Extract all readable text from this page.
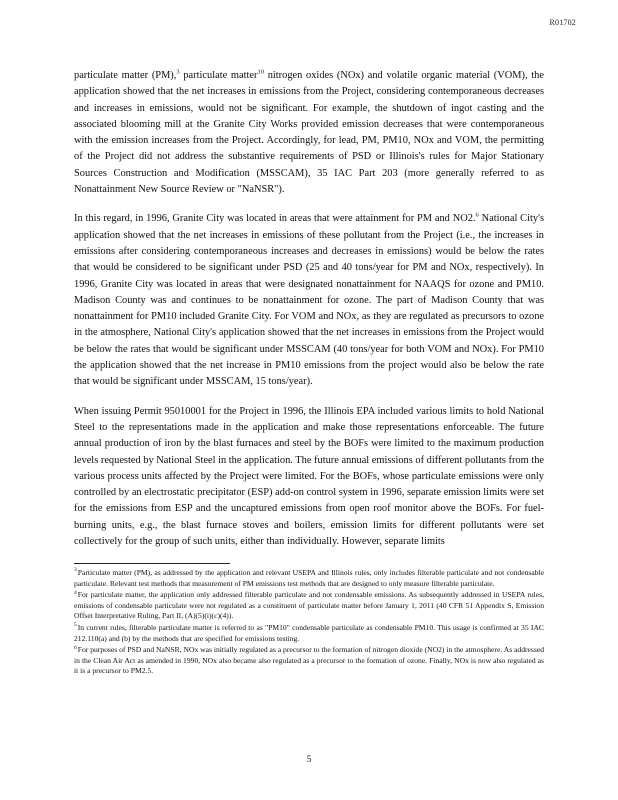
R01702

particulate matter (PM),$^3$ particulate matter$^{10}$ nitrogen oxides (NOx) and volatile organic material (VOM), the application showed that the net increases in emissions from the Project, considering contemporaneous decreases and increases in emissions, would not be significant. For example, the shutdown of ingot casting and the associated blooming mill at the Granite City Works provided emission decreases that were contemporaneous with the emission increases from the Project. Accordingly, for lead, PM, PM10, NOx and VOM, the permitting of the Project did not address the substantive requirements of PSD or Illinois's rules for Major Stationary Sources Construction and Modification (MSSCAM), 35 IAC Part 203 (more generally referred to as Nonattainment New Source Review or "NaNSR").

In this regard, in 1996, Granite City was located in areas that were attainment for PM and NO2.$^6$ National City's application showed that the net increases in emissions of these pollutant from the Project (i.e., the increases in emissions after considering contemporaneous increases and decreases in emissions) would be below the rates that would be considered to be significant under PSD (25 and 40 tons/year for PM and NOx, respectively). In 1996, Granite City was located in areas that were designated nonattainment for NAAQS for ozone and PM10. Madison County was and continues to be nonattainment for ozone. The part of Madison County that was nonattainment for PM10 included Granite City. For VOM and NOx, as they are regulated as precursors to ozone in the atmosphere, National City's application showed that the net increases in emissions from the Project would be below the rates that would be significant under MSSCAM (40 tons/year for both VOM and NOx). For PM10 the application showed that the net increase in PM10 emissions from the project would also be below the rate that would be significant under MSSCAM, 15 tons/year).

When issuing Permit 95010001 for the Project in 1996, the Illinois EPA included various limits to hold National Steel to the representations made in the application and make those representations enforceable. The future annual production of iron by the blast furnaces and steel by the BOFs were limited to the maximum production levels requested by National Steel in the application. The future annual emissions of different pollutants from the various process units affected by the Project were limited. For the BOFs, whose particulate emissions were only controlled by an electrostatic precipitator (ESP) add-on control system in 1996, separate emission limits were set for the emissions from ESP and the uncaptured emissions from open roof monitor above the BOFs. For fuel-burning units, e.g., the blast furnace stoves and boilers, emission limits for different pollutants were set collectively for the group of such units, either than individually. However, separate limits

$^3$Particulate matter (PM), as addressed by the application and relevant USEPA and Illinois rules, only includes filterable particulate and not condensable particulate. Relevant test methods that measurement of PM emissions test methods that are designed to only measure filterable particulate.

$^4$For particulate matter, the application only addressed filterable particulate and not condensable emissions. As subsequently addressed in USEPA rules, emissions of condensable particulate were not regulated as a constituent of particulate matter before January 1, 2011 (40 CFR 51 Appendix S, Emission Offset Interpretative Ruling, Part II, (A)(5)(i)(c)(4)).

$^5$In current rules, filterable particulate matter is referred to as "PM10" condensable particulate as condensable PM10. This usage is confirmed at 35 IAC 212.110(a) and (b) by the methods that are specified for emissions testing.

$^6$For purposes of PSD and NaNSR, NOx was initially regulated as a precursor to the formation of nitrogen dioxide (NO2) in the atmosphere. As addressed in the Clean Air Act as amended in 1990, NOx also became also regulated as a precursor to the formation of ozone. Finally, NOx is now also regulated as it is a precursor to PM2.5.

5
